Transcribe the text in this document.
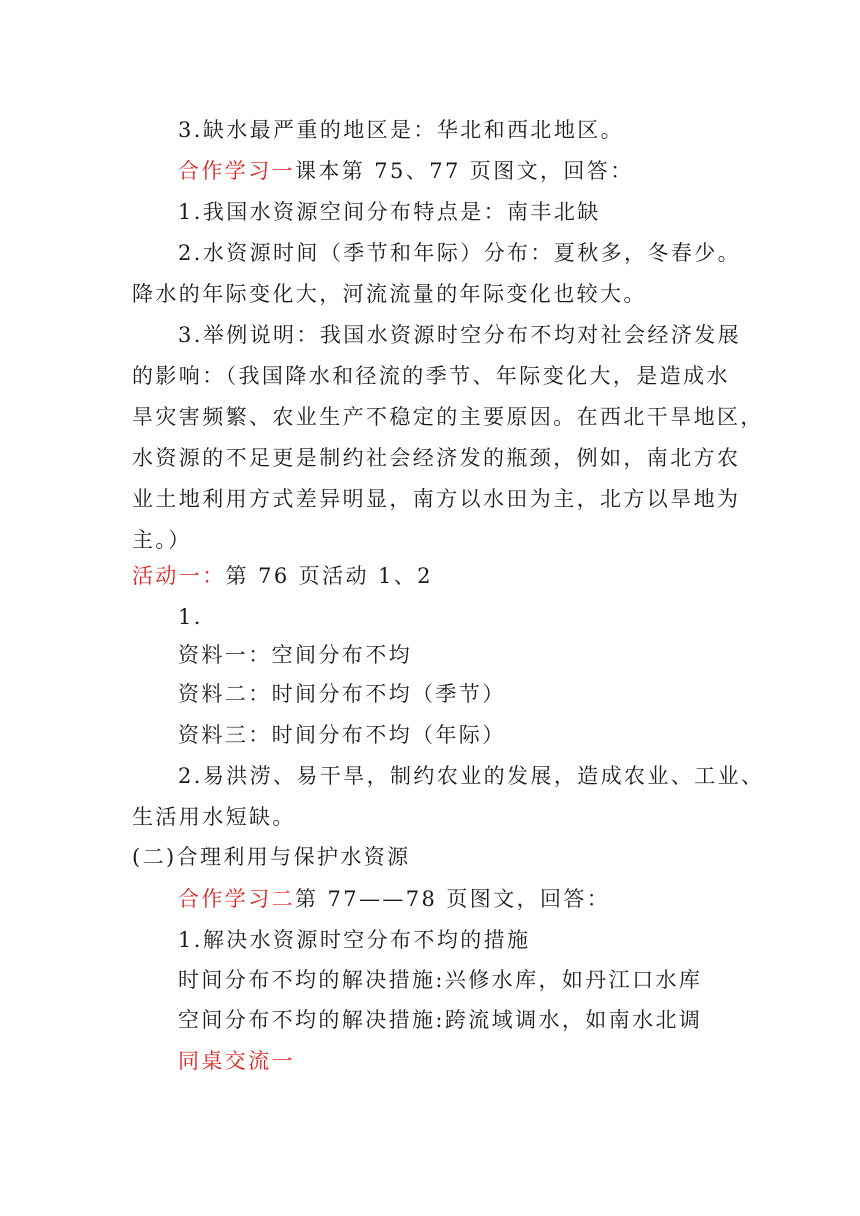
3.缺水最严重的地区是：华北和西北地区。
合作学习一课本第 75、77 页图文，回答：
1.我国水资源空间分布特点是：南丰北缺
2.水资源时间（季节和年际）分布：夏秋多，冬春少。
降水的年际变化大，河流流量的年际变化也较大。
3.举例说明：我国水资源时空分布不均对社会经济发展
的影响：（我国降水和径流的季节、年际变化大，是造成水
旱灾害频繁、农业生产不稳定的主要原因。在西北干旱地区，
水资源的不足更是制约社会经济发的瓶颈，例如，南北方农
业土地利用方式差异明显，南方以水田为主，北方以旱地为
主。）
活动一：第 76 页活动 1、2
1.
资料一：空间分布不均
资料二：时间分布不均（季节）
资料三：时间分布不均（年际）
2.易洪涝、易干旱，制约农业的发展，造成农业、工业、
生活用水短缺。
(二)合理利用与保护水资源
合作学习二第 77——78 页图文，回答：
1.解决水资源时空分布不均的措施
时间分布不均的解决措施:兴修水库，如丹江口水库
空间分布不均的解决措施:跨流域调水，如南水北调
同桌交流一
